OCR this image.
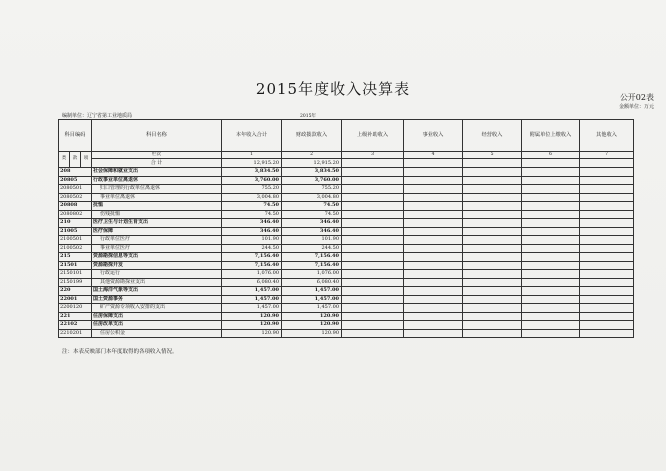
2015年度收入决算表	公开02表
金额单位：万元
编制单位：辽宁省第工业地质局	2015年
科目编码			科目名称	本年收入合计	财政拨款收入	上级补助收入	事业收入	经营收入	附属单位上缴收入	其他收入
类	款	项	栏次	1	2	3	4	5	6	7
			合 计	12,915.20	12,915.20					
208			社会保障和就业支出	3,834.50	3,834.50					
20805			行政事业单位离退休	3,760.00	3,760.00					
2080501			归口管理的行政单位离退休	755.20	755.20					
2080502			事业单位离退休	3,004.80	3,004.80					
20808			抚恤	74.50	74.50					
2080802			伤残抚恤	74.50	74.50					
210			医疗卫生与计划生育支出	346.40	346.40					
21005			医疗保障	346.40	346.40					
2100501			行政单位医疗	101.90	101.90					
2100502			事业单位医疗	244.50	244.50					
215			资源勘探信息等支出	7,156.40	7,156.40					
21501			资源勘探开发	7,156.40	7,156.40					
2150101			行政运行	1,076.00	1,076.00					
2150199			其他资源勘探业支出	6,080.40	6,080.40					
220			国土海洋气象等支出	1,457.00	1,457.00					
22001			国土资源事务	1,457.00	1,457.00					
2200120			矿产资源专项收入安排的支出	1,457.00	1,457.00					
221			住房保障支出	120.90	120.90					
22102			住房改革支出	120.90	120.90					
2210201			住房公积金	120.90	120.90					
注：本表反映部门本年度取得的各项收入情况。
